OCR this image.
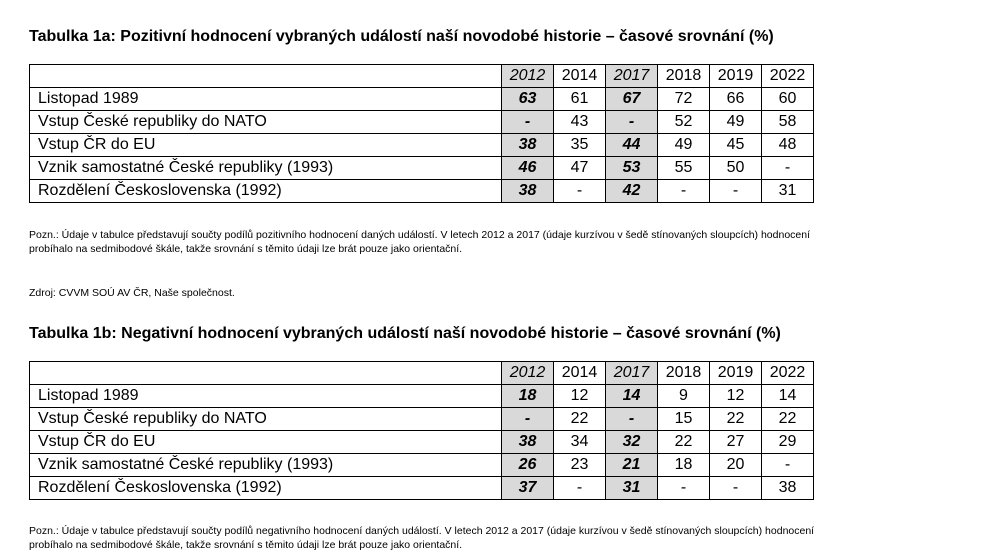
Tabulka 1a: Pozitivní hodnocení vybraných událostí naší novodobé historie – časové srovnání (%)
	2012	2014	2017	2018	2019	2022
Listopad 1989	63	61	67	72	66	60
Vstup České republiky do NATO	-	43	-	52	49	58
Vstup ČR do EU	38	35	44	49	45	48
Vznik samostatné České republiky (1993)	46	47	53	55	50	-
Rozdělení Československa (1992)	38	-	42	-	-	31
Pozn.: Údaje v tabulce představují součty podílů pozitivního hodnocení daných událostí. V letech 2012 a 2017 (údaje kurzívou v šedě stínovaných sloupcích) hodnocení
probíhalo na sedmibodové škále, takže srovnání s těmito údaji lze brát pouze jako orientační.
Zdroj: CVVM SOÚ AV ČR, Naše společnost.
Tabulka 1b: Negativní hodnocení vybraných událostí naší novodobé historie – časové srovnání (%)
	2012	2014	2017	2018	2019	2022
Listopad 1989	18	12	14	9	12	14
Vstup České republiky do NATO	-	22	-	15	22	22
Vstup ČR do EU	38	34	32	22	27	29
Vznik samostatné České republiky (1993)	26	23	21	18	20	-
Rozdělení Československa (1992)	37	-	31	-	-	38
Pozn.: Údaje v tabulce představují součty podílů negativního hodnocení daných událostí. V letech 2012 a 2017 (údaje kurzívou v šedě stínovaných sloupcích) hodnocení
probíhalo na sedmibodové škále, takže srovnání s těmito údaji lze brát pouze jako orientační.
